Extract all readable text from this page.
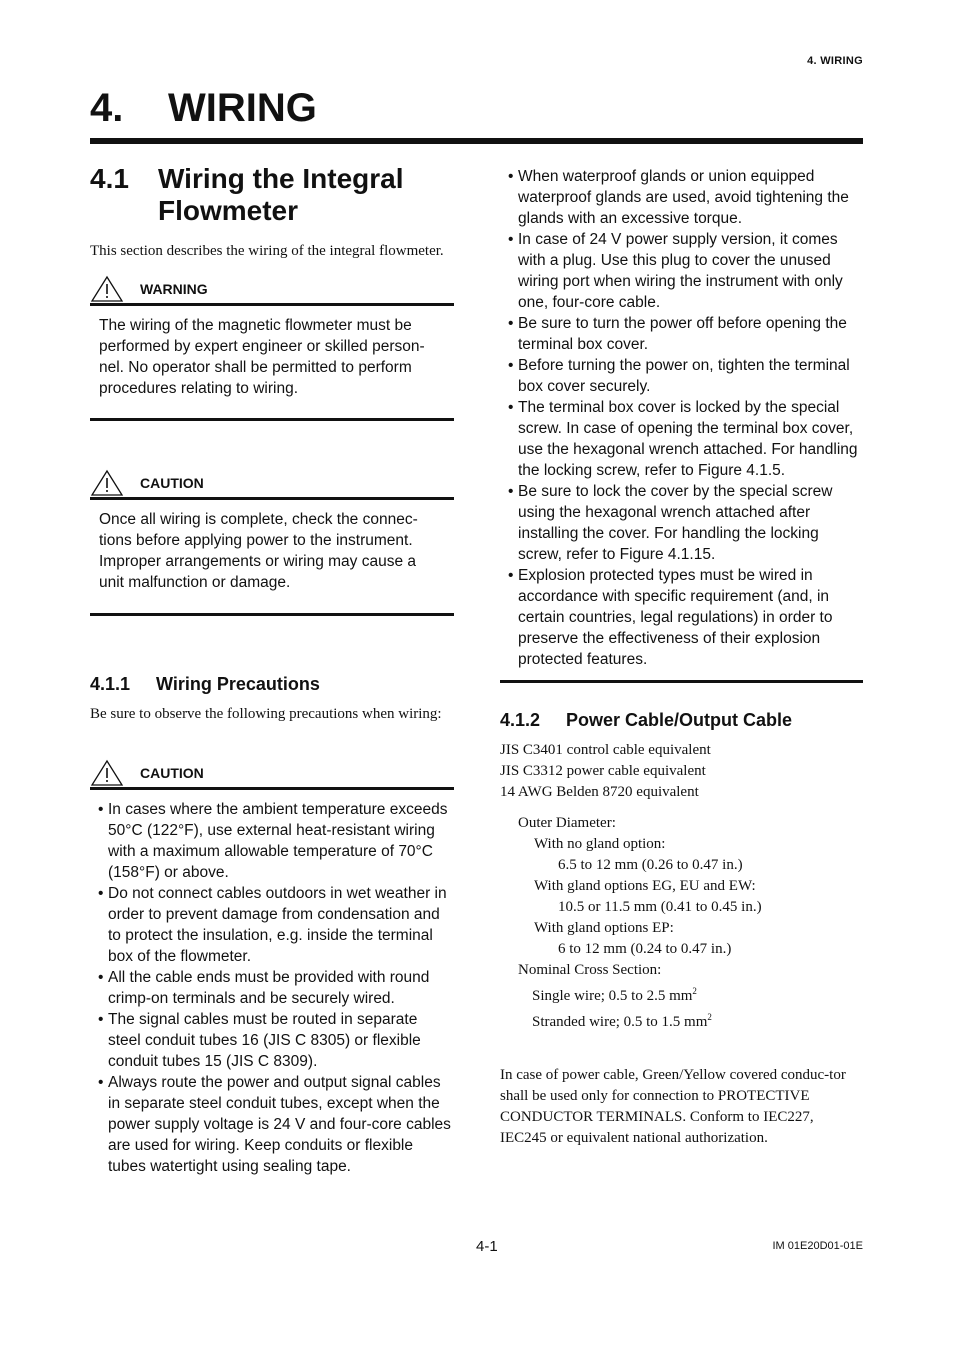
4. WIRING
4. WIRING
4.1	Wiring the Integral
Flowmeter

This section describes the wiring of the integral flowmeter.

WARNING

The wiring of the magnetic flowmeter must be performed by expert engineer or skilled person-nel. No operator shall be permitted to perform procedures relating to wiring.

CAUTION

Once all wiring is complete, check the connec-tions before applying power to the instrument. Improper arrangements or wiring may cause a unit malfunction or damage.

4.1.1	Wiring Precautions

Be sure to observe the following precautions when wiring:

CAUTION
• In cases where the ambient temperature exceeds 50°C (122°F), use external heat-resistant wiring with a maximum allowable temperature of 70°C (158°F) or above.
• Do not connect cables outdoors in wet weather in order to prevent damage from condensation and to protect the insulation, e.g. inside the terminal box of the flowmeter.
• All the cable ends must be provided with round crimp-on terminals and be securely wired.
• The signal cables must be routed in separate steel conduit tubes 16 (JIS C 8305) or flexible conduit tubes 15 (JIS C 8309).
• Always route the power and output signal cables in separate steel conduit tubes, except when the power supply voltage is 24 V and four-core cables are used for wiring. Keep conduits or flexible tubes watertight using sealing tape.
• When waterproof glands or union equipped waterproof glands are used, avoid tightening the glands with an excessive torque.
• In case of 24 V power supply version, it comes with a plug. Use this plug to cover the unused wiring port when wiring the instrument with only one, four-core cable.
• Be sure to turn the power off before opening the terminal box cover.
• Before turning the power on, tighten the terminal box cover securely.
• The terminal box cover is locked by the special screw. In case of opening the terminal box cover, use the hexagonal wrench attached. For handling the locking screw, refer to Figure 4.1.5.
• Be sure to lock the cover by the special screw using the hexagonal wrench attached after installing the cover. For handling the locking screw, refer to Figure 4.1.15.
• Explosion protected types must be wired in accordance with specific requirement (and, in certain countries, legal regulations) in order to preserve the effectiveness of their explosion protected features.
4.1.2	Power Cable/Output Cable

JIS C3401 control cable equivalent

JIS C3312 power cable equivalent

14 AWG Belden 8720 equivalent

Outer Diameter:

With no gland option:

6.5 to 12 mm (0.26 to 0.47 in.)

With gland options EG, EU and EW:

10.5 or 11.5 mm (0.41 to 0.45 in.)

With gland options EP:

6 to 12 mm (0.24 to 0.47 in.)

Nominal Cross Section:

Single wire; 0.5 to 2.5 $mm^2$

Stranded wire; 0.5 to 1.5 $mm^2$

In case of power cable, Green/Yellow covered conduc-tor shall be used only for connection to PROTECTIVE CONDUCTOR TERMINALS. Conform to IEC227, IEC245 or equivalent national authorization.

4-1	IM 01E20D01-01E
